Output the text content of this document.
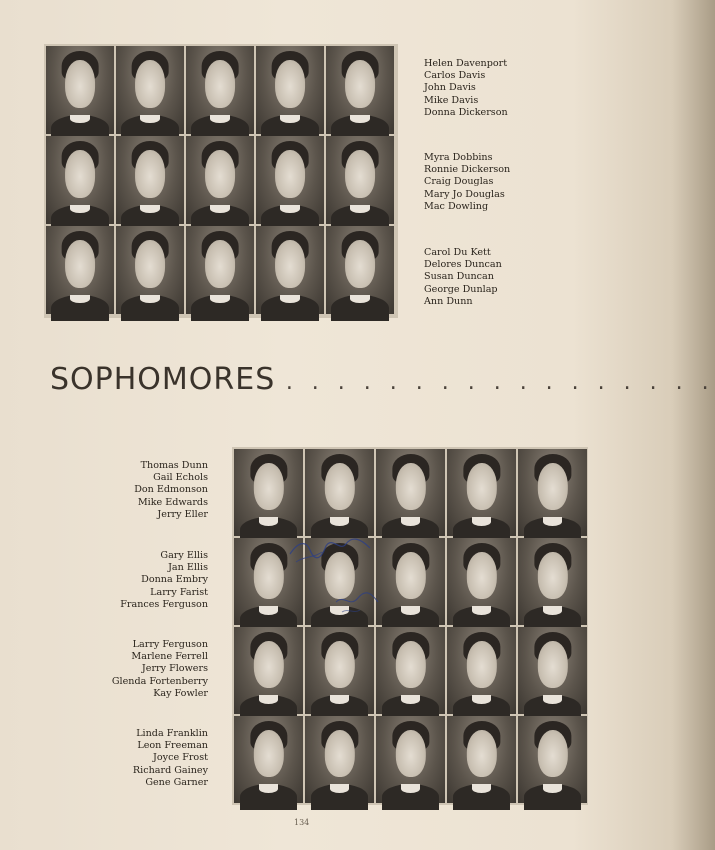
Helen Davenport
Carlos Davis
John Davis
Mike Davis
Donna Dickerson
Myra Dobbins
Ronnie Dickerson
Craig Douglas
Mary Jo Douglas
Mac Dowling
Carol Du Kett
Delores Duncan
Susan Duncan
George Dunlap
Ann Dunn
SOPHOMORES . . . . . . . . . . . . . . . . .
Thomas Dunn
Gail Echols
Don Edmonson
Mike Edwards
Jerry Eller
Gary Ellis
Jan Ellis
Donna Embry
Larry Farist
Frances Ferguson
Larry Ferguson
Marlene Ferrell
Jerry Flowers
Glenda Fortenberry
Kay Fowler
Linda Franklin
Leon Freeman
Joyce Frost
Richard Gainey
Gene Garner
134
